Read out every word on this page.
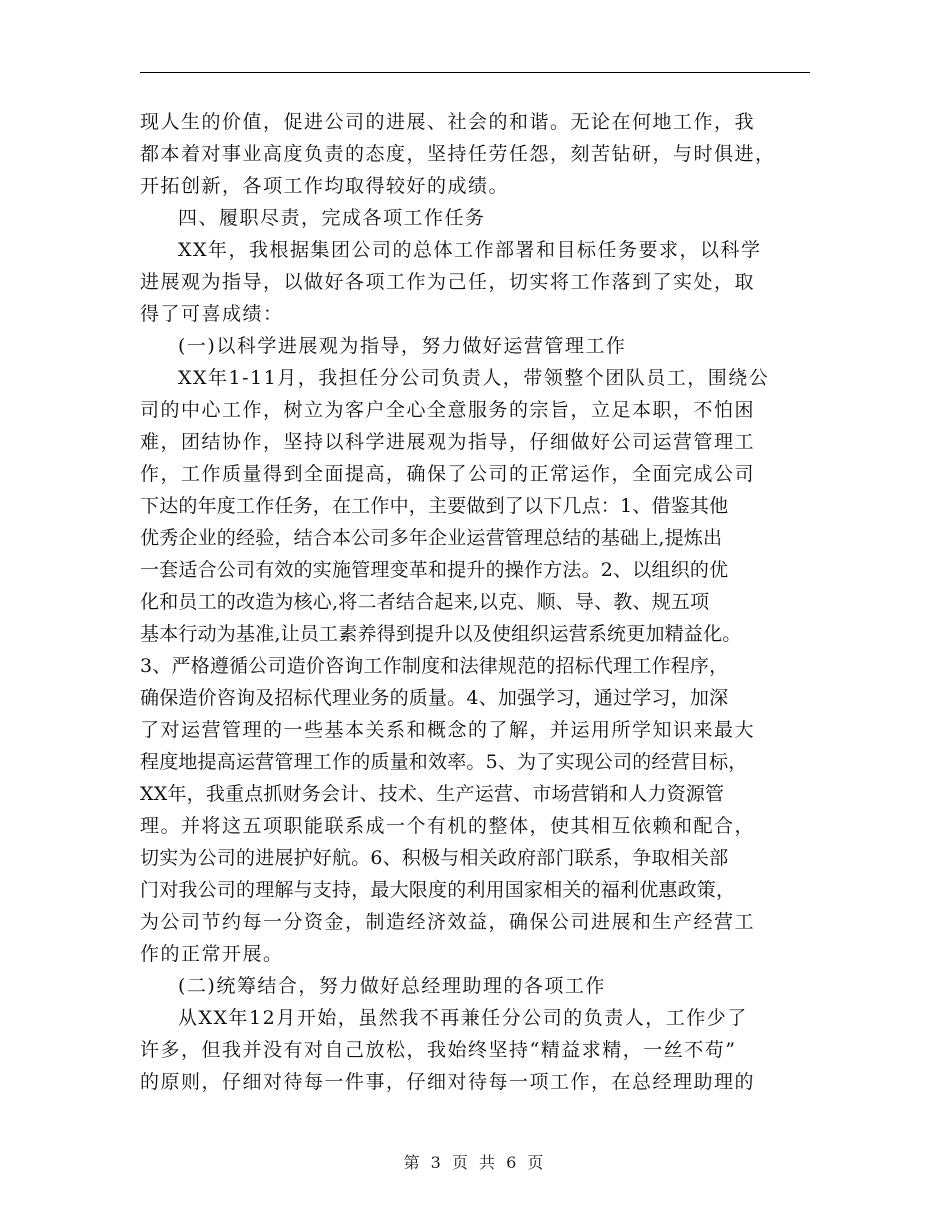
现人生的价值，促进公司的进展、社会的和谐。无论在何地工作，我
都本着对事业高度负责的态度，坚持任劳任怨，刻苦钻研，与时俱进，
开拓创新，各项工作均取得较好的成绩。
四、履职尽责，完成各项工作任务
XX年，我根据集团公司的总体工作部署和目标任务要求，以科学
进展观为指导，以做好各项工作为己任，切实将工作落到了实处，取
得了可喜成绩：
(一)以科学进展观为指导，努力做好运营管理工作
XX年1-11月，我担任分公司负责人，带领整个团队员工，围绕公
司的中心工作，树立为客户全心全意服务的宗旨，立足本职，不怕困
难，团结协作，坚持以科学进展观为指导，仔细做好公司运营管理工
作，工作质量得到全面提高，确保了公司的正常运作，全面完成公司
下达的年度工作任务，在工作中，主要做到了以下几点：1、借鉴其他
优秀企业的经验，结合本公司多年企业运营管理总结的基础上,提炼出
一套适合公司有效的实施管理变革和提升的操作方法。2、以组织的优
化和员工的改造为核心,将二者结合起来,以克、顺、导、教、规五项
基本行动为基准,让员工素养得到提升以及使组织运营系统更加精益化。
3、严格遵循公司造价咨询工作制度和法律规范的招标代理工作程序，
确保造价咨询及招标代理业务的质量。4、加强学习，通过学习，加深
了对运营管理的一些基本关系和概念的了解，并运用所学知识来最大
程度地提高运营管理工作的质量和效率。5、为了实现公司的经营目标，
XX年，我重点抓财务会计、技术、生产运营、市场营销和人力资源管
理。并将这五项职能联系成一个有机的整体，使其相互依赖和配合，
切实为公司的进展护好航。6、积极与相关政府部门联系，争取相关部
门对我公司的理解与支持，最大限度的利用国家相关的福利优惠政策，
为公司节约每一分资金，制造经济效益，确保公司进展和生产经营工
作的正常开展。
(二)统筹结合，努力做好总经理助理的各项工作
从XX年12月开始，虽然我不再兼任分公司的负责人，工作少了
许多，但我并没有对自己放松，我始终坚持“精益求精，一丝不苟”
的原则，仔细对待每一件事，仔细对待每一项工作，在总经理助理的
第 3 页 共 6 页
